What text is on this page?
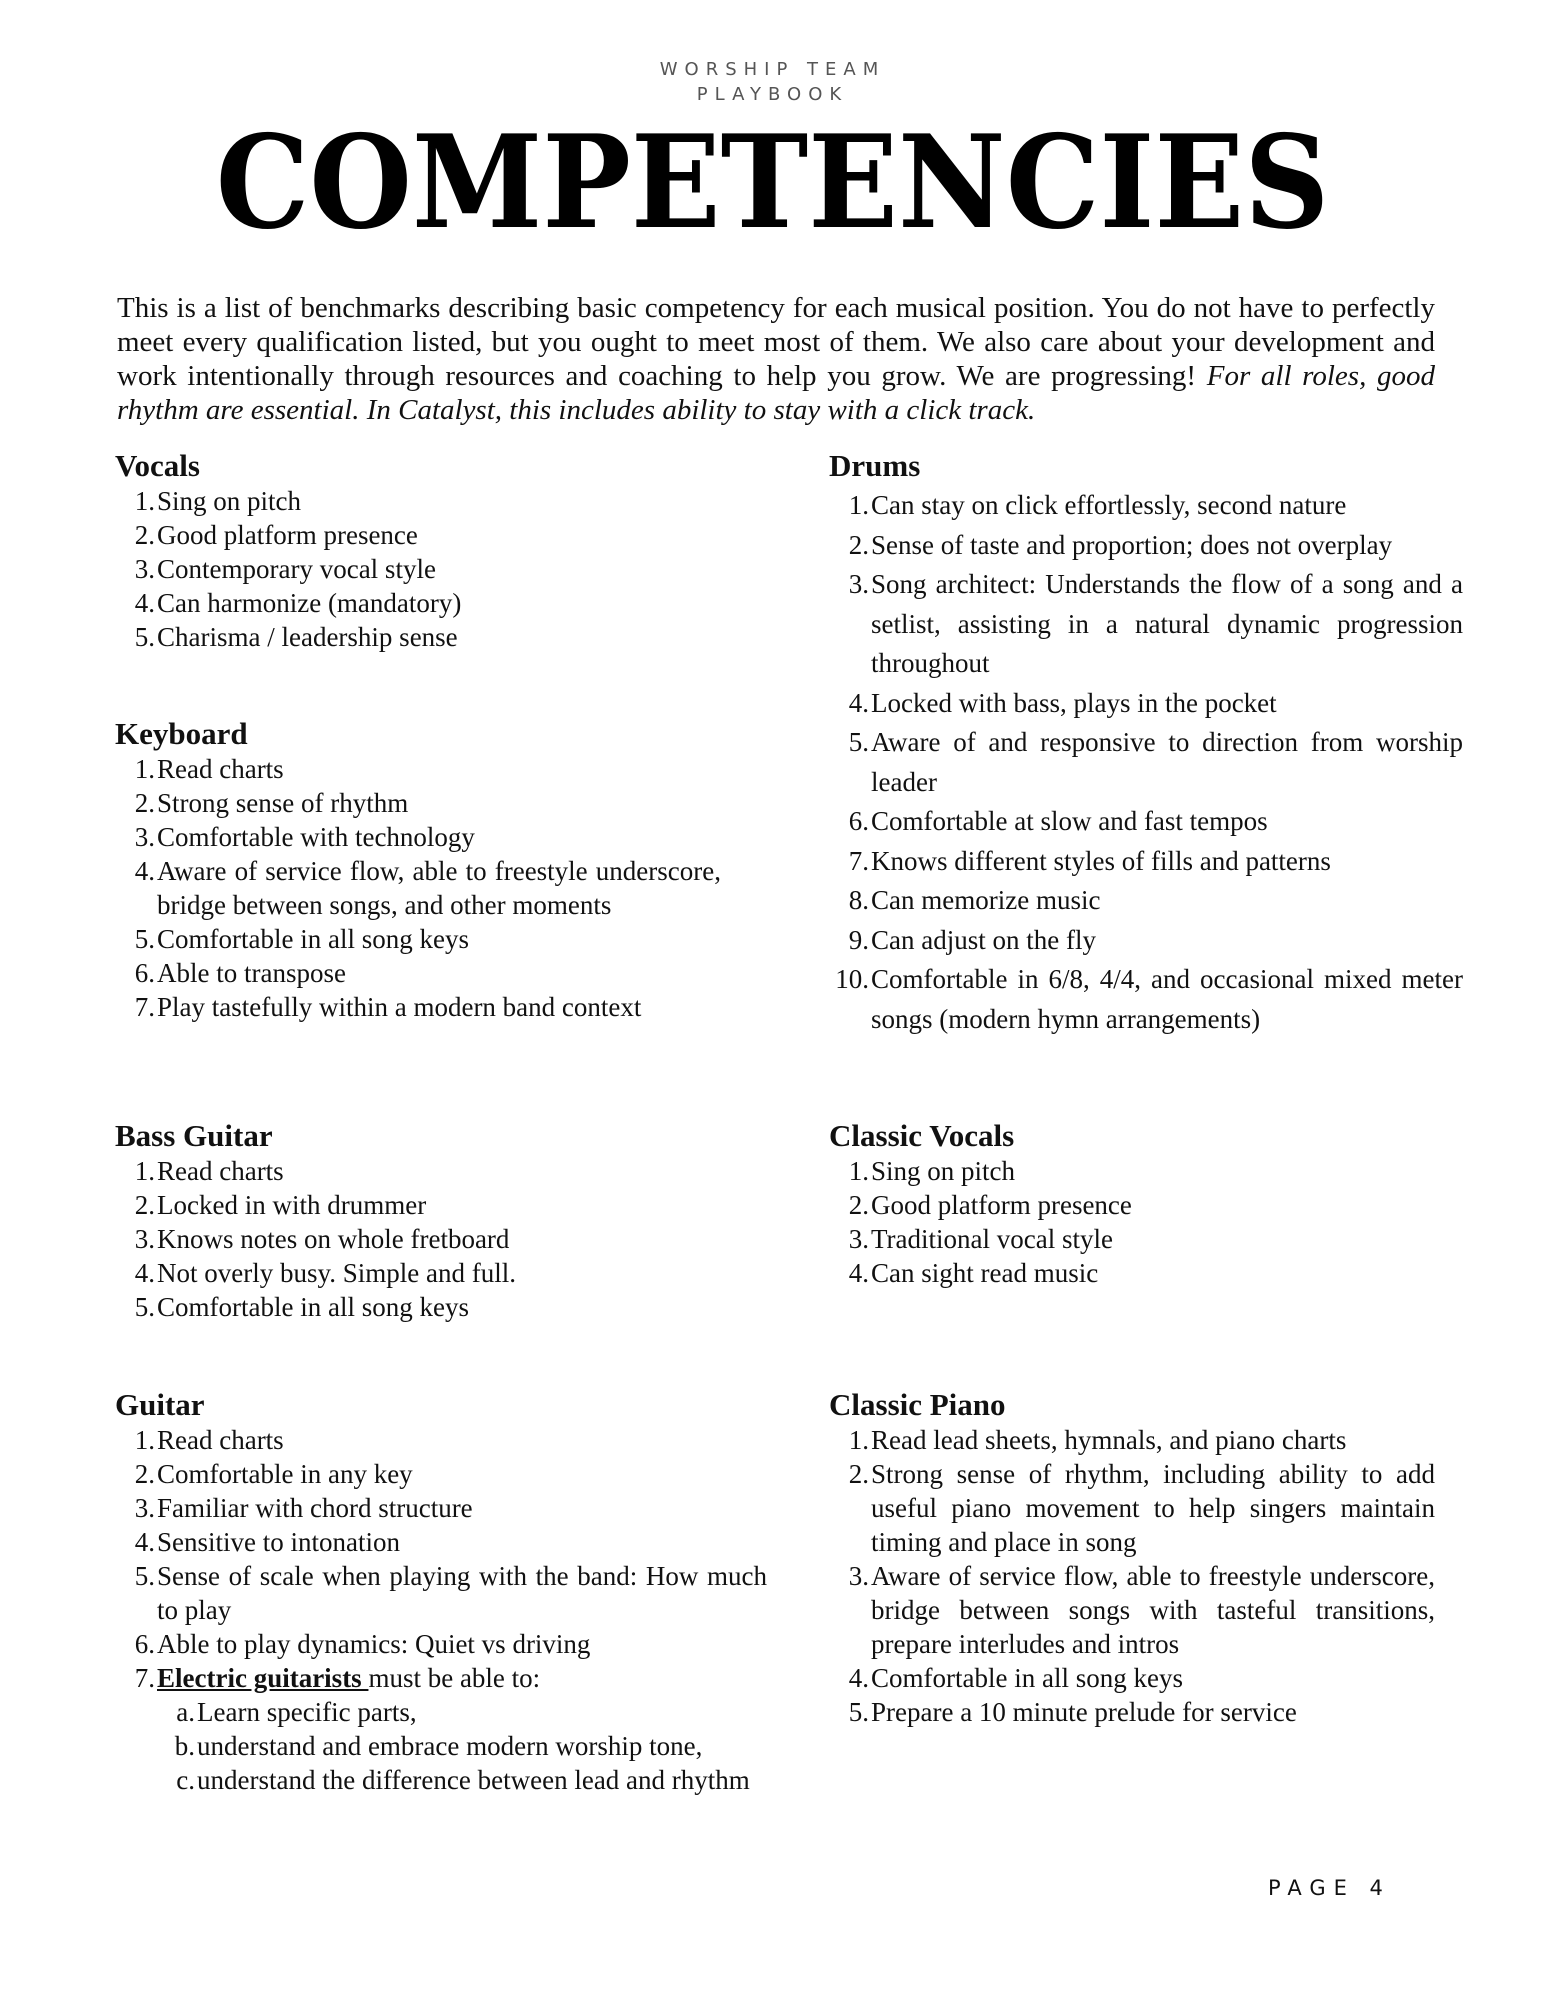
WORSHIP TEAM
PLAYBOOK
COMPETENCIES

This is a list of benchmarks describing basic competency for each musical position. You do not have to perfectly meet every qualification listed, but you ought to meet most of them. We also care about your development and work intentionally through resources and coaching to help you grow. We are progressing! For all roles, good rhythm are essential. In Catalyst, this includes ability to stay with a click track.

Vocals
1. Sing on pitch
2. Good platform presence
3. Contemporary vocal style
4. Can harmonize (mandatory)
5. Charisma / leadership sense
Keyboard
1. Read charts
2. Strong sense of rhythm
3. Comfortable with technology
4. Aware of service flow, able to freestyle underscore, bridge between songs, and other moments
5. Comfortable in all song keys
6. Able to transpose
7. Play tastefully within a modern band context
Bass Guitar
1. Read charts
2. Locked in with drummer
3. Knows notes on whole fretboard
4. Not overly busy. Simple and full.
5. Comfortable in all song keys
Guitar
1. Read charts
2. Comfortable in any key
3. Familiar with chord structure
4. Sensitive to intonation
5. Sense of scale when playing with the band: How much to play
6. Able to play dynamics: Quiet vs driving
7. Electric guitarists must be able to:
a. Learn specific parts,
b. understand and embrace modern worship tone,
c. understand the difference between lead and rhythm
Drums
1. Can stay on click effortlessly, second nature
2. Sense of taste and proportion; does not overplay
3. Song architect: Understands the flow of a song and a setlist, assisting in a natural dynamic progression throughout
4. Locked with bass, plays in the pocket
5. Aware of and responsive to direction from worship leader
6. Comfortable at slow and fast tempos
7. Knows different styles of fills and patterns
8. Can memorize music
9. Can adjust on the fly
10. Comfortable in 6/8, 4/4, and occasional mixed meter songs (modern hymn arrangements)
Classic Vocals
1. Sing on pitch
2. Good platform presence
3. Traditional vocal style
4. Can sight read music
Classic Piano
1. Read lead sheets, hymnals, and piano charts
2. Strong sense of rhythm, including ability to add useful piano movement to help singers maintain timing and place in song
3. Aware of service flow, able to freestyle underscore, bridge between songs with tasteful transitions, prepare interludes and intros
4. Comfortable in all song keys
5. Prepare a 10 minute prelude for service
PAGE 4
